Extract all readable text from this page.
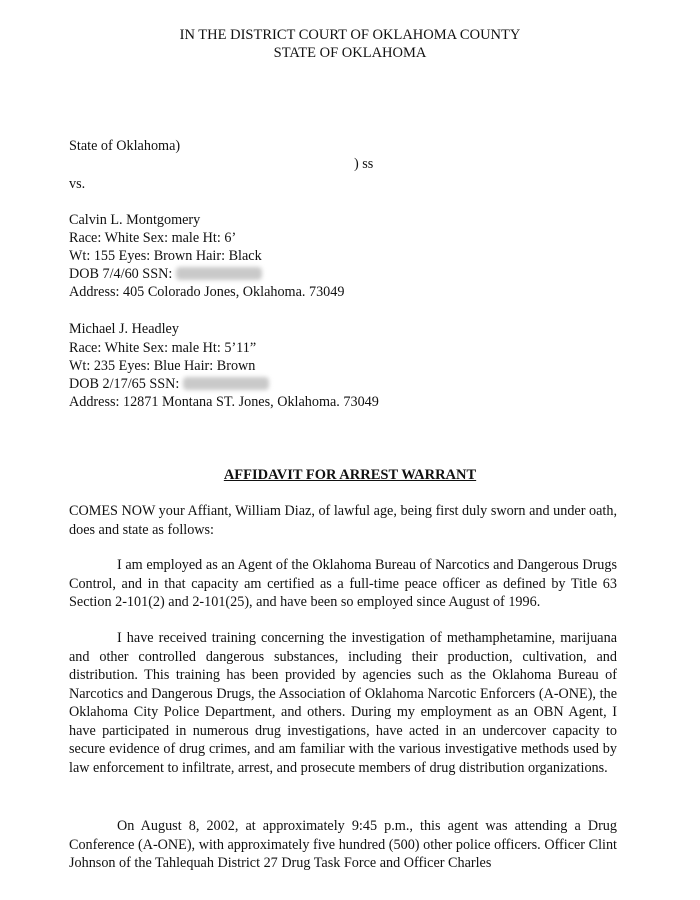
IN THE DISTRICT COURT OF OKLAHOMA COUNTY
STATE OF OKLAHOMA
State of Oklahoma)
) ss
vs.
Calvin L. Montgomery
Race: White Sex: male Ht: 6’
Wt: 155 Eyes: Brown Hair: Black
DOB 7/4/60 SSN:
Address: 405 Colorado Jones, Oklahoma. 73049
Michael J. Headley
Race: White Sex: male Ht: 5’11”
Wt: 235 Eyes: Blue Hair: Brown
DOB 2/17/65 SSN:
Address: 12871 Montana ST. Jones, Oklahoma. 73049
AFFIDAVIT FOR ARREST WARRANT
COMES NOW your Affiant, William Diaz, of lawful age, being first duly sworn and under oath, does and state as follows:
I am employed as an Agent of the Oklahoma Bureau of Narcotics and Dangerous Drugs Control, and in that capacity am certified as a full-time peace officer as defined by Title 63 Section 2-101(2) and 2-101(25), and have been so employed since August of 1996.
I have received training concerning the investigation of methamphetamine, marijuana and other controlled dangerous substances, including their production, cultivation, and distribution. This training has been provided by agencies such as the Oklahoma Bureau of Narcotics and Dangerous Drugs, the Association of Oklahoma Narcotic Enforcers (A-ONE), the Oklahoma City Police Department, and others. During my employment as an OBN Agent, I have participated in numerous drug investigations, have acted in an undercover capacity to secure evidence of drug crimes, and am familiar with the various investigative methods used by law enforcement to infiltrate, arrest, and prosecute members of drug distribution organizations.
On August 8, 2002, at approximately 9:45 p.m., this agent was attending a Drug Conference (A-ONE), with approximately five hundred (500) other police officers. Officer Clint Johnson of the Tahlequah District 27 Drug Task Force and Officer Charles
